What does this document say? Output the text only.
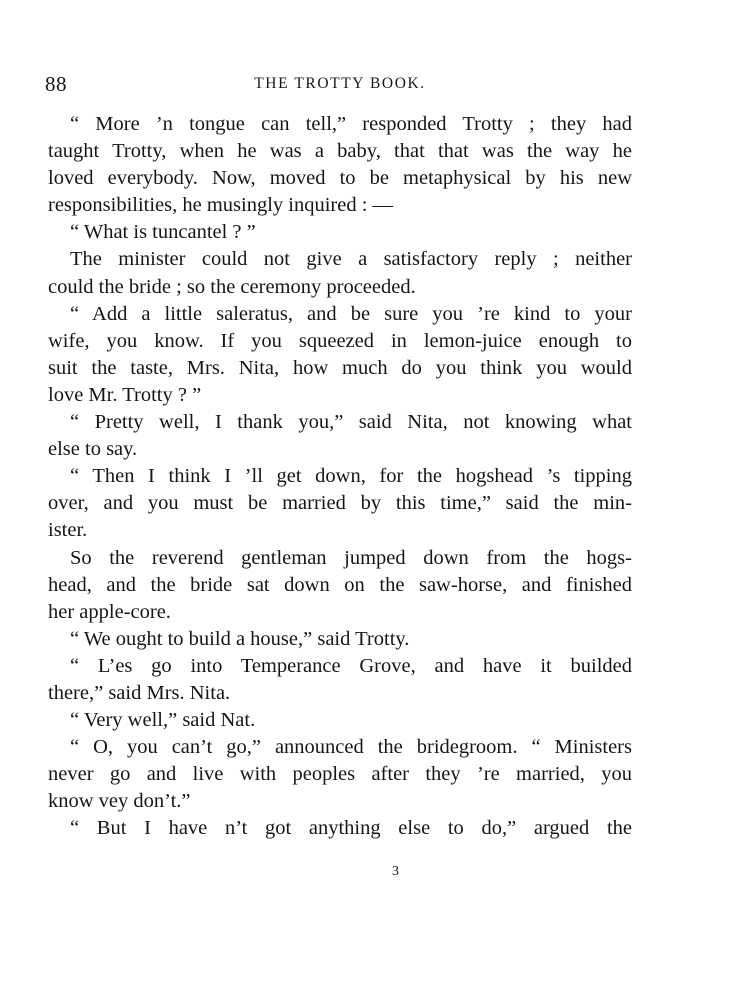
88	THE TROTTY BOOK.
“ More ’n tongue can tell,” responded Trotty ; they had
taught Trotty, when he was a baby, that that was the way he
loved everybody. Now, moved to be metaphysical by his new
responsibilities, he musingly inquired : —
“ What is tuncantel ? ”
The minister could not give a satisfactory reply ; neither
could the bride ; so the ceremony proceeded.
“ Add a little saleratus, and be sure you ’re kind to your
wife, you know. If you squeezed in lemon-juice enough to
suit the taste, Mrs. Nita, how much do you think you would
love Mr. Trotty ? ”
“ Pretty well, I thank you,” said Nita, not knowing what
else to say.
“ Then I think I ’ll get down, for the hogshead ’s tipping
over, and you must be married by this time,” said the min-
ister.
So the reverend gentleman jumped down from the hogs-
head, and the bride sat down on the saw-horse, and finished
her apple-core.
“ We ought to build a house,” said Trotty.
“ L’es go into Temperance Grove, and have it builded
there,” said Mrs. Nita.
“ Very well,” said Nat.
“ O, you can’t go,” announced the bridegroom. “ Ministers
never go and live with peoples after they ’re married, you
know vey don’t.”
“ But I have n’t got anything else to do,” argued the
3
